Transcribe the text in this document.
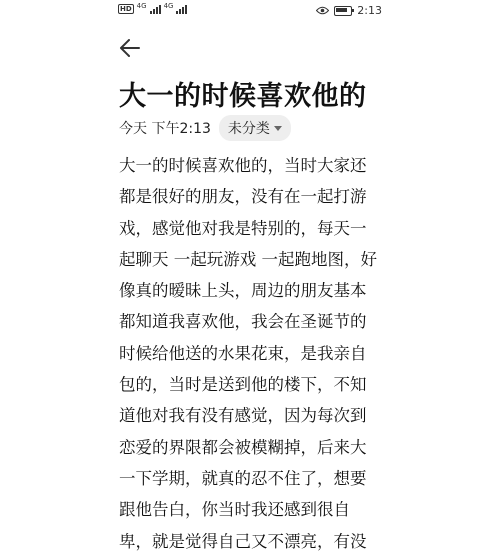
HD 4G 4G	2:13
大一的时候喜欢他的
今天 下午2:13 未分类
大一的时候喜欢他的，当时大家还
都是很好的朋友，没有在一起打游
戏，感觉他对我是特别的，每天一
起聊天 一起玩游戏 一起跑地图，好
像真的暧昧上头，周边的朋友基本
都知道我喜欢他，我会在圣诞节的
时候给他送的水果花束，是我亲自
包的，当时是送到他的楼下，不知
道他对我有没有感觉，因为每次到
恋爱的界限都会被模糊掉，后来大
一下学期，就真的忍不住了，想要
跟他告白，你当时我还感到很自
卑，就是觉得自己又不漂亮，有没
